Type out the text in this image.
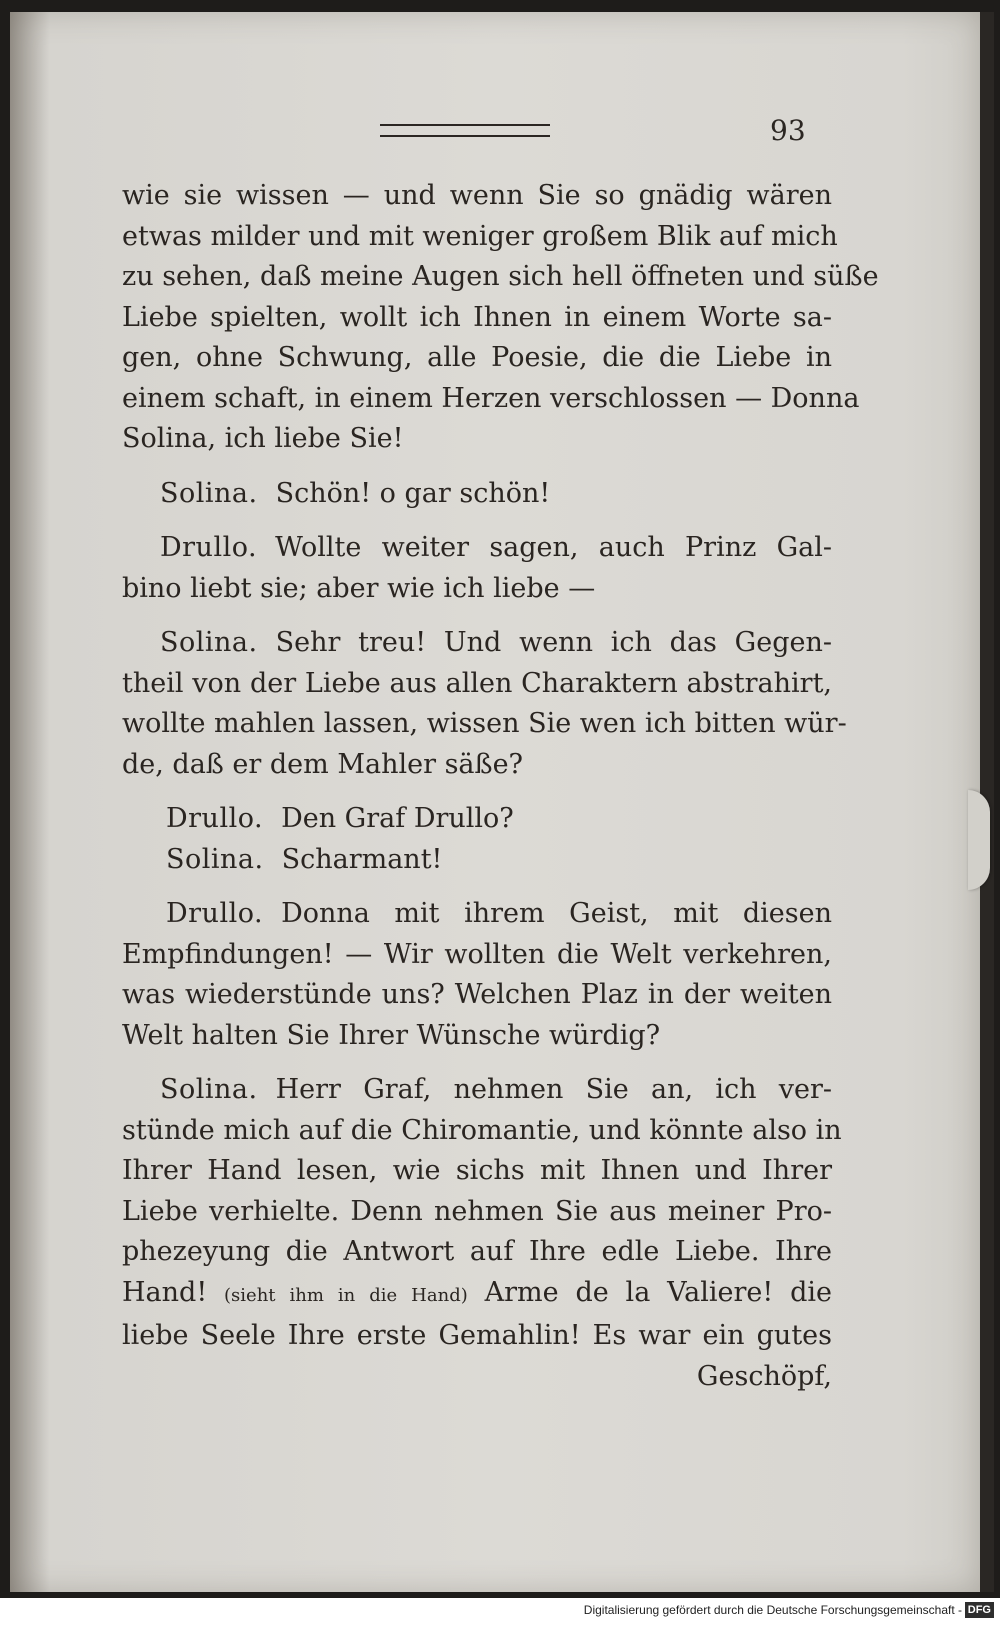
93
wie sie wissen — und wenn Sie so gnädig wären
etwas milder und mit weniger großem Blik auf mich
zu sehen, daß meine Augen sich hell öffneten und süße
Liebe spielten, wollt ich Ihnen in einem Worte sa-
gen, ohne Schwung, alle Poesie, die die Liebe in
einem schaft, in einem Herzen verschlossen — Donna
Solina, ich liebe Sie!
Solina. Schön! o gar schön!
Drullo. Wollte weiter sagen, auch Prinz Gal-
bino liebt sie; aber wie ich liebe —
Solina. Sehr treu! Und wenn ich das Gegen-
theil von der Liebe aus allen Charaktern abstrahirt,
wollte mahlen lassen, wissen Sie wen ich bitten wür-
de, daß er dem Mahler säße?
Drullo. Den Graf Drullo?
Solina. Scharmant!
Drullo. Donna mit ihrem Geist, mit diesen
Empfindungen! — Wir wollten die Welt verkehren,
was wiederstünde uns? Welchen Plaz in der weiten
Welt halten Sie Ihrer Wünsche würdig?
Solina. Herr Graf, nehmen Sie an, ich ver-
stünde mich auf die Chiromantie, und könnte also in
Ihrer Hand lesen, wie sichs mit Ihnen und Ihrer
Liebe verhielte. Denn nehmen Sie aus meiner Pro-
phezeyung die Antwort auf Ihre edle Liebe. Ihre
Hand! (sieht ihm in die Hand) Arme de la Valiere! die
liebe Seele Ihre erste Gemahlin! Es war ein gutes
Geschöpf,
Digitalisierung gefördert durch die Deutsche Forschungsgemeinschaft - DFG
